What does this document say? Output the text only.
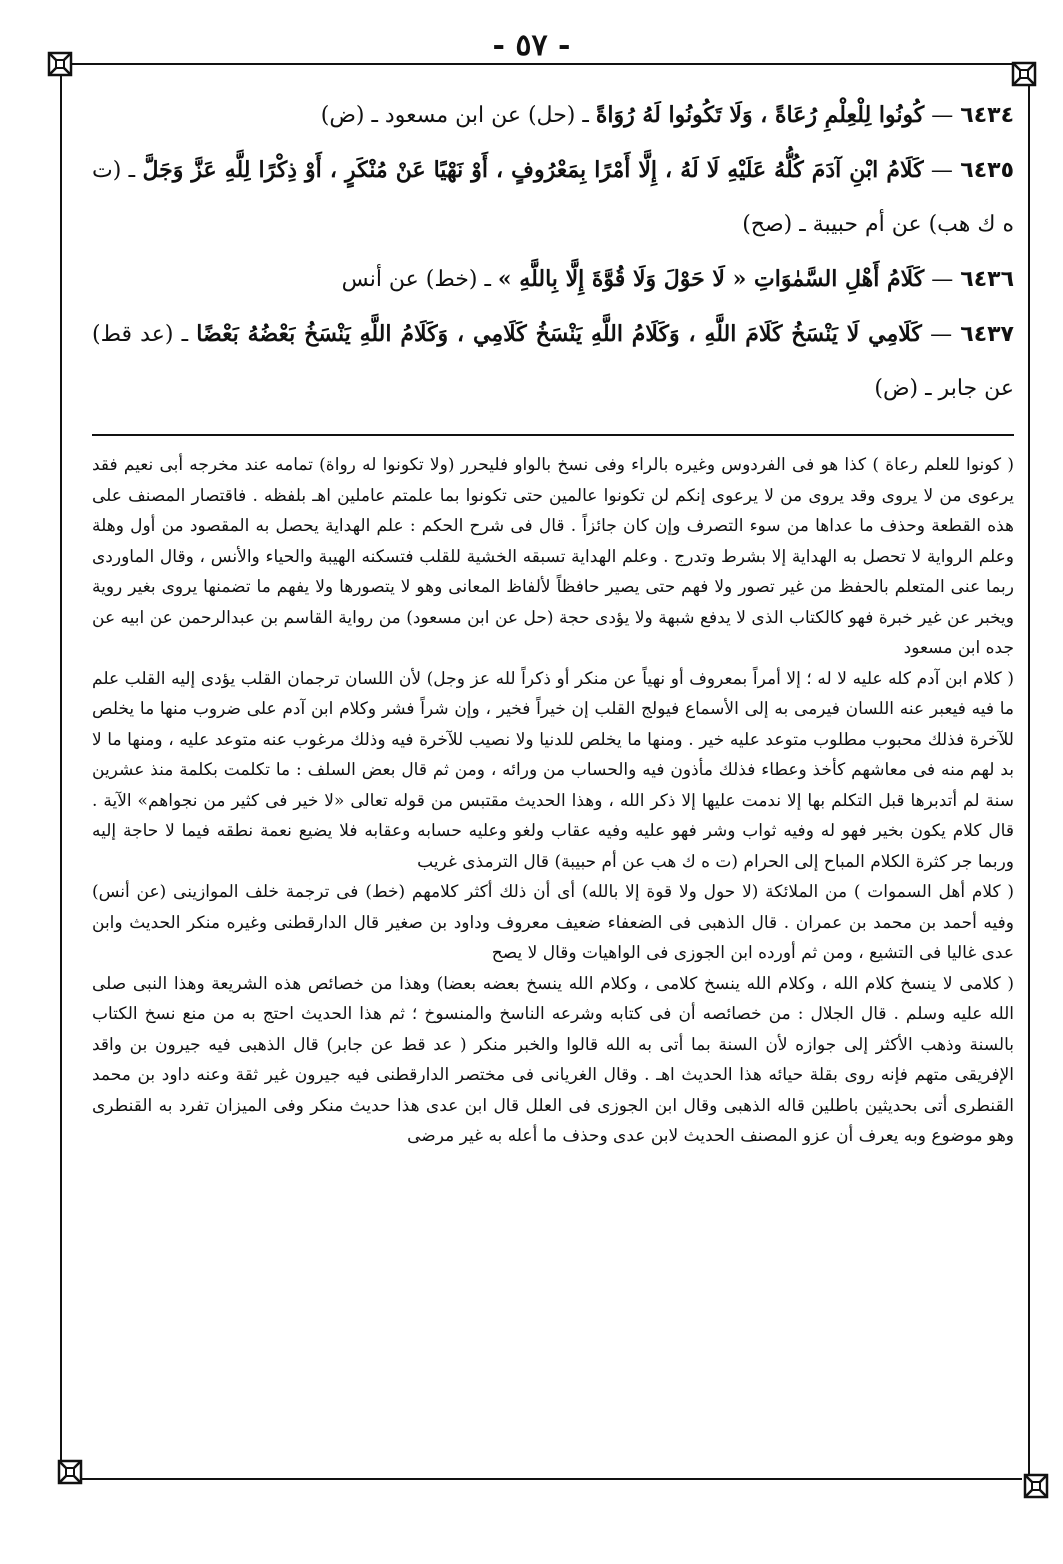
- ٥٧ -

٦٤٣٤ — كُونُوا لِلْعِلْمِ رُعَاةً ، وَلَا تَكُونُوا لَهُ رُوَاةً ـ (حل) عن ابن مسعود ـ (ض)

٦٤٣٥ — كَلَامُ ابْنِ آدَمَ كُلُّهُ عَلَيْهِ لَا لَهُ ، إِلَّا أَمْرًا بِمَعْرُوفٍ ، أَوْ نَهْيًا عَنْ مُنْكَرٍ ، أَوْ ذِكْرًا لِلَّهِ عَزَّ وَجَلَّ ـ (ت ه ك هب) عن أم حبيبة ـ (صح)

٦٤٣٦ — كَلَامُ أَهْلِ السَّمٰوَاتِ « لَا حَوْلَ وَلَا قُوَّةَ إِلَّا بِاللَّهِ » ـ (خط) عن أنس

٦٤٣٧ — كَلَامِي لَا يَنْسَخُ كَلَامَ اللَّهِ ، وَكَلَامُ اللَّهِ يَنْسَخُ كَلَامِي ، وَكَلَامُ اللَّهِ يَنْسَخُ بَعْضُهُ بَعْضًا ـ (عد قط) عن جابر ـ (ض)

( كونوا للعلم رعاة ) كذا هو فى الفردوس وغيره بالراء وفى نسخ بالواو فليحرر (ولا تكونوا له رواة) تمامه عند مخرجه أبى نعيم فقد يرعوى من لا يروى وقد يروى من لا يرعوى إنكم لن تكونوا عالمين حتى تكونوا بما علمتم عاملين اهـ بلفظه . فاقتصار المصنف على هذه القطعة وحذف ما عداها من سوء التصرف وإن كان جائزاً . قال فى شرح الحكم : علم الهداية يحصل به المقصود من أول وهلة وعلم الرواية لا تحصل به الهداية إلا بشرط وتدرج . وعلم الهداية تسبقه الخشية للقلب فتسكنه الهيبة والحياء والأنس ، وقال الماوردى ربما عنى المتعلم بالحفظ من غير تصور ولا فهم حتى يصير حافظاً لألفاظ المعانى وهو لا يتصورها ولا يفهم ما تضمنها يروى بغير روية ويخبر عن غير خبرة فهو كالكتاب الذى لا يدفع شبهة ولا يؤدى حجة (حل عن ابن مسعود) من رواية القاسم بن عبدالرحمن عن ابيه عن جده ابن مسعود

( كلام ابن آدم كله عليه لا له ؛ إلا أمراً بمعروف أو نهياً عن منكر أو ذكراً لله عز وجل) لأن اللسان ترجمان القلب يؤدى إليه القلب علم ما فيه فيعبر عنه اللسان فيرمى به إلى الأسماع فيولج القلب إن خيراً فخير ، وإن شراً فشر وكلام ابن آدم على ضروب منها ما يخلص للآخرة فذلك محبوب مطلوب متوعد عليه خير . ومنها ما يخلص للدنيا ولا نصيب للآخرة فيه وذلك مرغوب عنه متوعد عليه ، ومنها ما لا بد لهم منه فى معاشهم كأخذ وعطاء فذلك مأذون فيه والحساب من ورائه ، ومن ثم قال بعض السلف : ما تكلمت بكلمة منذ عشرين سنة لم أتدبرها قبل التكلم بها إلا ندمت عليها إلا ذكر الله ، وهذا الحديث مقتبس من قوله تعالى «لا خير فى كثير من نجواهم» الآية . قال كلام يكون بخير فهو له وفيه ثواب وشر فهو عليه وفيه عقاب ولغو وعليه حسابه وعقابه فلا يضيع نعمة نطقه فيما لا حاجة إليه وربما جر كثرة الكلام المباح إلى الحرام (ت ه ك هب عن أم حبيبة) قال الترمذى غريب

( كلام أهل السموات ) من الملائكة (لا حول ولا قوة إلا بالله) أى أن ذلك أكثر كلامهم (خط) فى ترجمة خلف الموازينى (عن أنس) وفيه أحمد بن محمد بن عمران . قال الذهبى فى الضعفاء ضعيف معروف وداود بن صغير قال الدارقطنى وغيره منكر الحديث وابن عدى غاليا فى التشيع ، ومن ثم أورده ابن الجوزى فى الواهيات وقال لا يصح

( كلامى لا ينسخ كلام الله ، وكلام الله ينسخ كلامى ، وكلام الله ينسخ بعضه بعضا) وهذا من خصائص هذه الشريعة وهذا النبى صلى الله عليه وسلم . قال الجلال : من خصائصه أن فى كتابه وشرعه الناسخ والمنسوخ ؛ ثم هذا الحديث احتج به من منع نسخ الكتاب بالسنة وذهب الأكثر إلى جوازه لأن السنة بما أتى به الله قالوا والخبر منكر ( عد قط عن جابر) قال الذهبى فيه جيرون بن واقد الإفريقى متهم فإنه روى بقلة حيائه هذا الحديث اهـ . وقال الغريانى فى مختصر الدارقطنى فيه جيرون غير ثقة وعنه داود بن محمد القنطرى أتى بحديثين باطلين قاله الذهبى وقال ابن الجوزى فى العلل قال ابن عدى هذا حديث منكر وفى الميزان تفرد به القنطرى وهو موضوع وبه يعرف أن عزو المصنف الحديث لابن عدى وحذف ما أعله به غير مرضى
